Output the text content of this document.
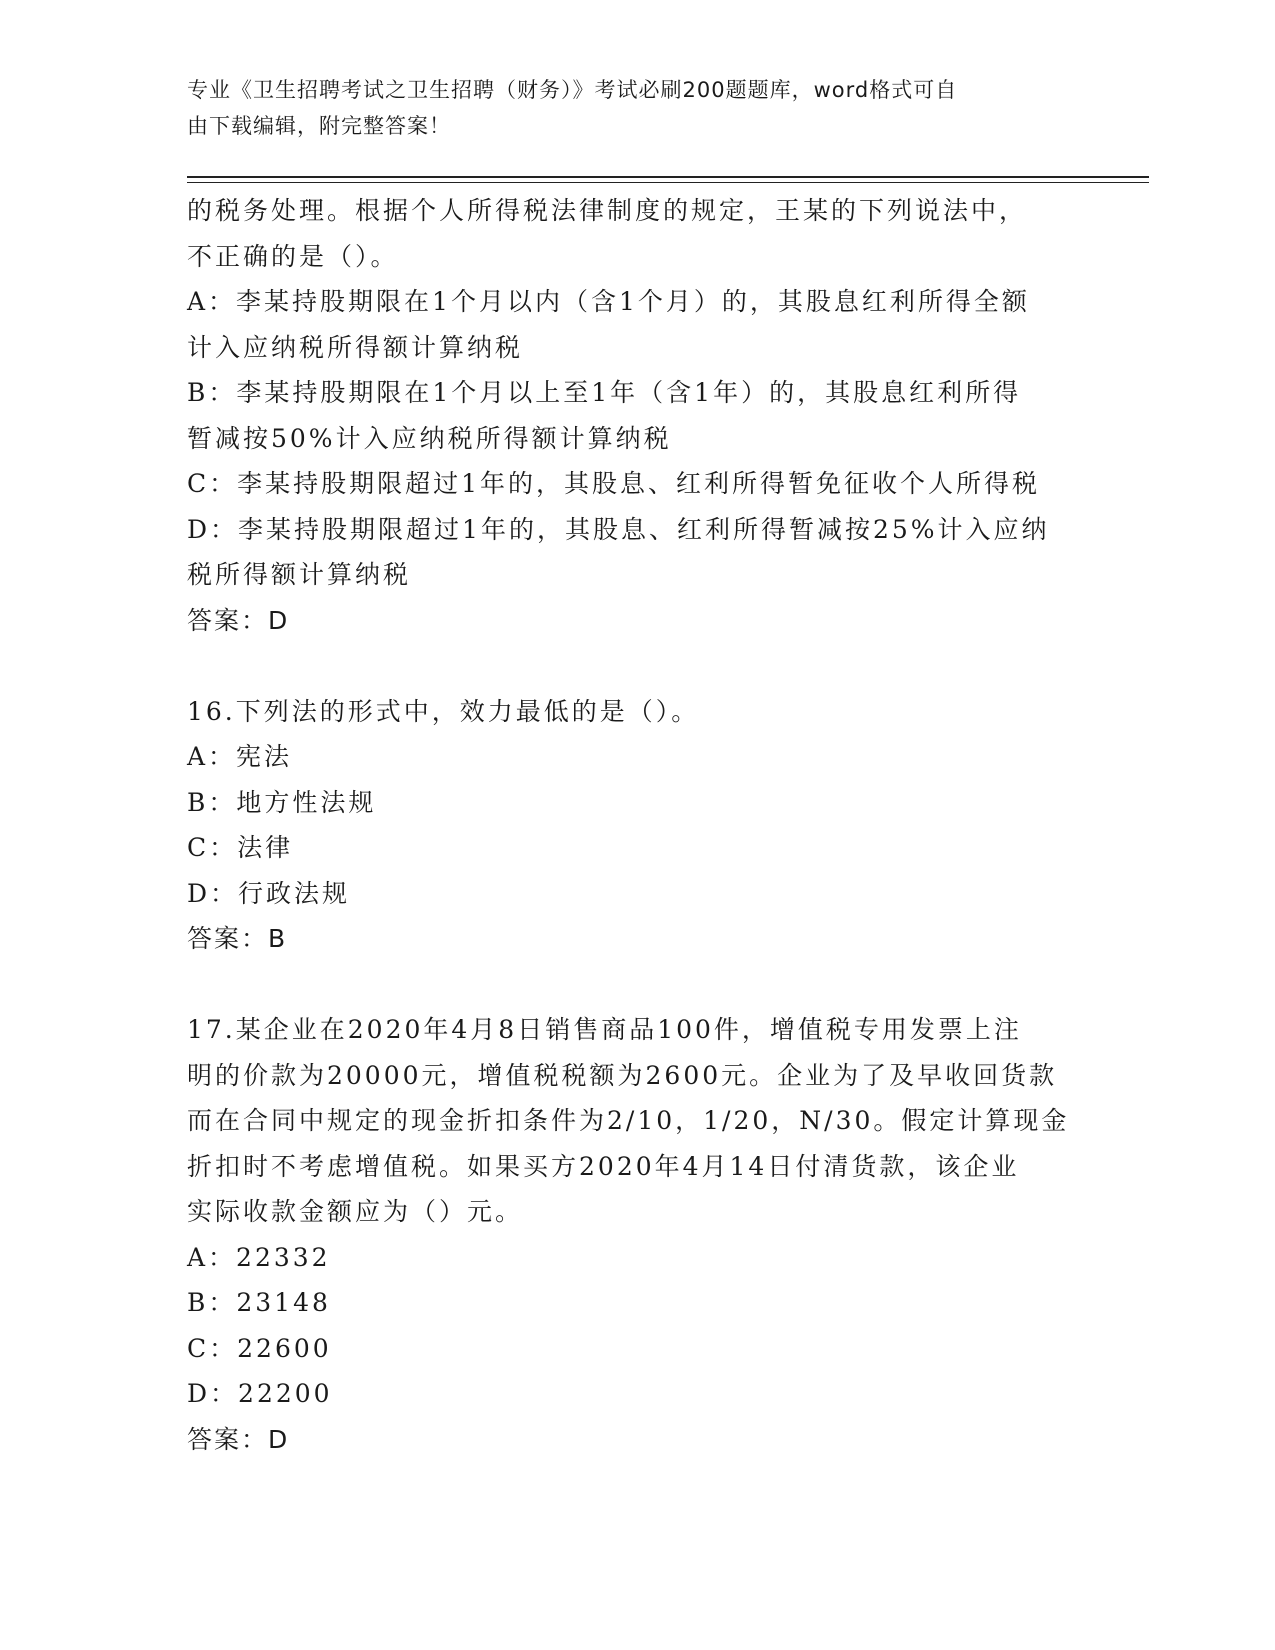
专业《卫生招聘考试之卫生招聘（财务）》考试必刷200题题库，word格式可自
由下载编辑，附完整答案！
的税务处理。根据个人所得税法律制度的规定，王某的下列说法中，
不正确的是（）。
A：李某持股期限在1个月以内（含1个月）的，其股息红利所得全额
计入应纳税所得额计算纳税
B：李某持股期限在1个月以上至1年（含1年）的，其股息红利所得
暂减按50%计入应纳税所得额计算纳税
C：李某持股期限超过1年的，其股息、红利所得暂免征收个人所得税
D：李某持股期限超过1年的，其股息、红利所得暂减按25%计入应纳
税所得额计算纳税
答案：D
16.下列法的形式中，效力最低的是（）。
A：宪法
B：地方性法规
C：法律
D：行政法规
答案：B
17.某企业在2020年4月8日销售商品100件，增值税专用发票上注
明的价款为20000元，增值税税额为2600元。企业为了及早收回货款
而在合同中规定的现金折扣条件为2/10，1/20，N/30。假定计算现金
折扣时不考虑增值税。如果买方2020年4月14日付清货款，该企业
实际收款金额应为（）元。
A：22332
B：23148
C：22600
D：22200
答案：D
